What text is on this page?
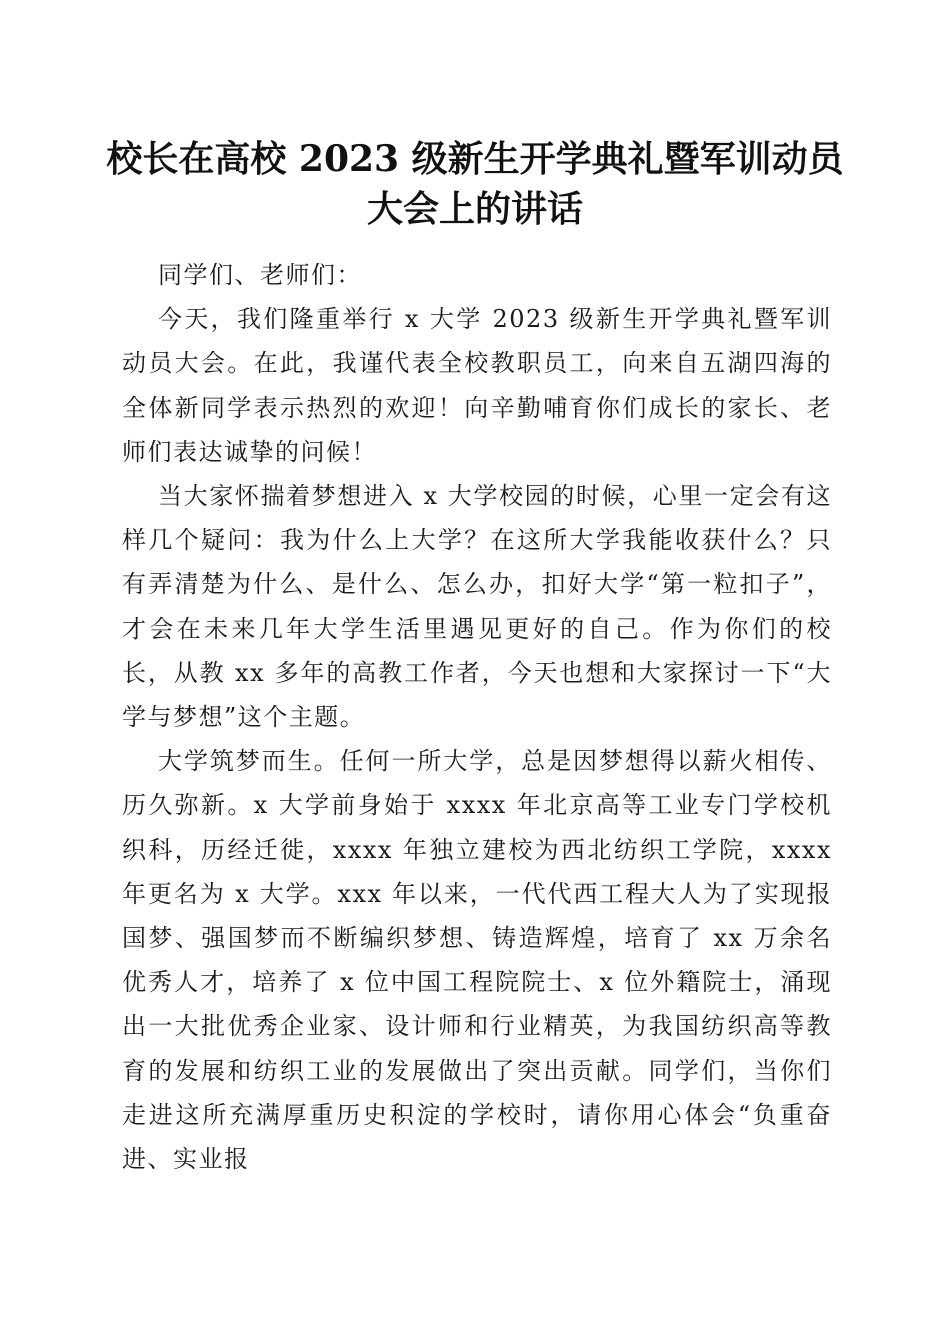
校长在高校 2023 级新生开学典礼暨军训动员
大会上的讲话

同学们、老师们：

今天，我们隆重举行 x 大学 2023 级新生开学典礼暨军训动员大会。在此，我谨代表全校教职员工，向来自五湖四海的全体新同学表示热烈的欢迎！向辛勤哺育你们成长的家长、老师们表达诚挚的问候！

当大家怀揣着梦想进入 x 大学校园的时候，心里一定会有这样几个疑问：我为什么上大学？在这所大学我能收获什么？只有弄清楚为什么、是什么、怎么办，扣好大学“第一粒扣子”，才会在未来几年大学生活里遇见更好的自己。作为你们的校长，从教 xx 多年的高教工作者，今天也想和大家探讨一下“大学与梦想”这个主题。

大学筑梦而生。任何一所大学，总是因梦想得以薪火相传、历久弥新。x 大学前身始于 xxxx 年北京高等工业专门学校机织科，历经迁徙，xxxx 年独立建校为西北纺织工学院，xxxx 年更名为 x 大学。xxx 年以来，一代代西工程大人为了实现报国梦、强国梦而不断编织梦想、铸造辉煌，培育了 xx 万余名优秀人才，培养了 x 位中国工程院院士、x 位外籍院士，涌现出一大批优秀企业家、设计师和行业精英，为我国纺织高等教育的发展和纺织工业的发展做出了突出贡献。同学们，当你们走进这所充满厚重历史积淀的学校时，请你用心体会“负重奋进、实业报
